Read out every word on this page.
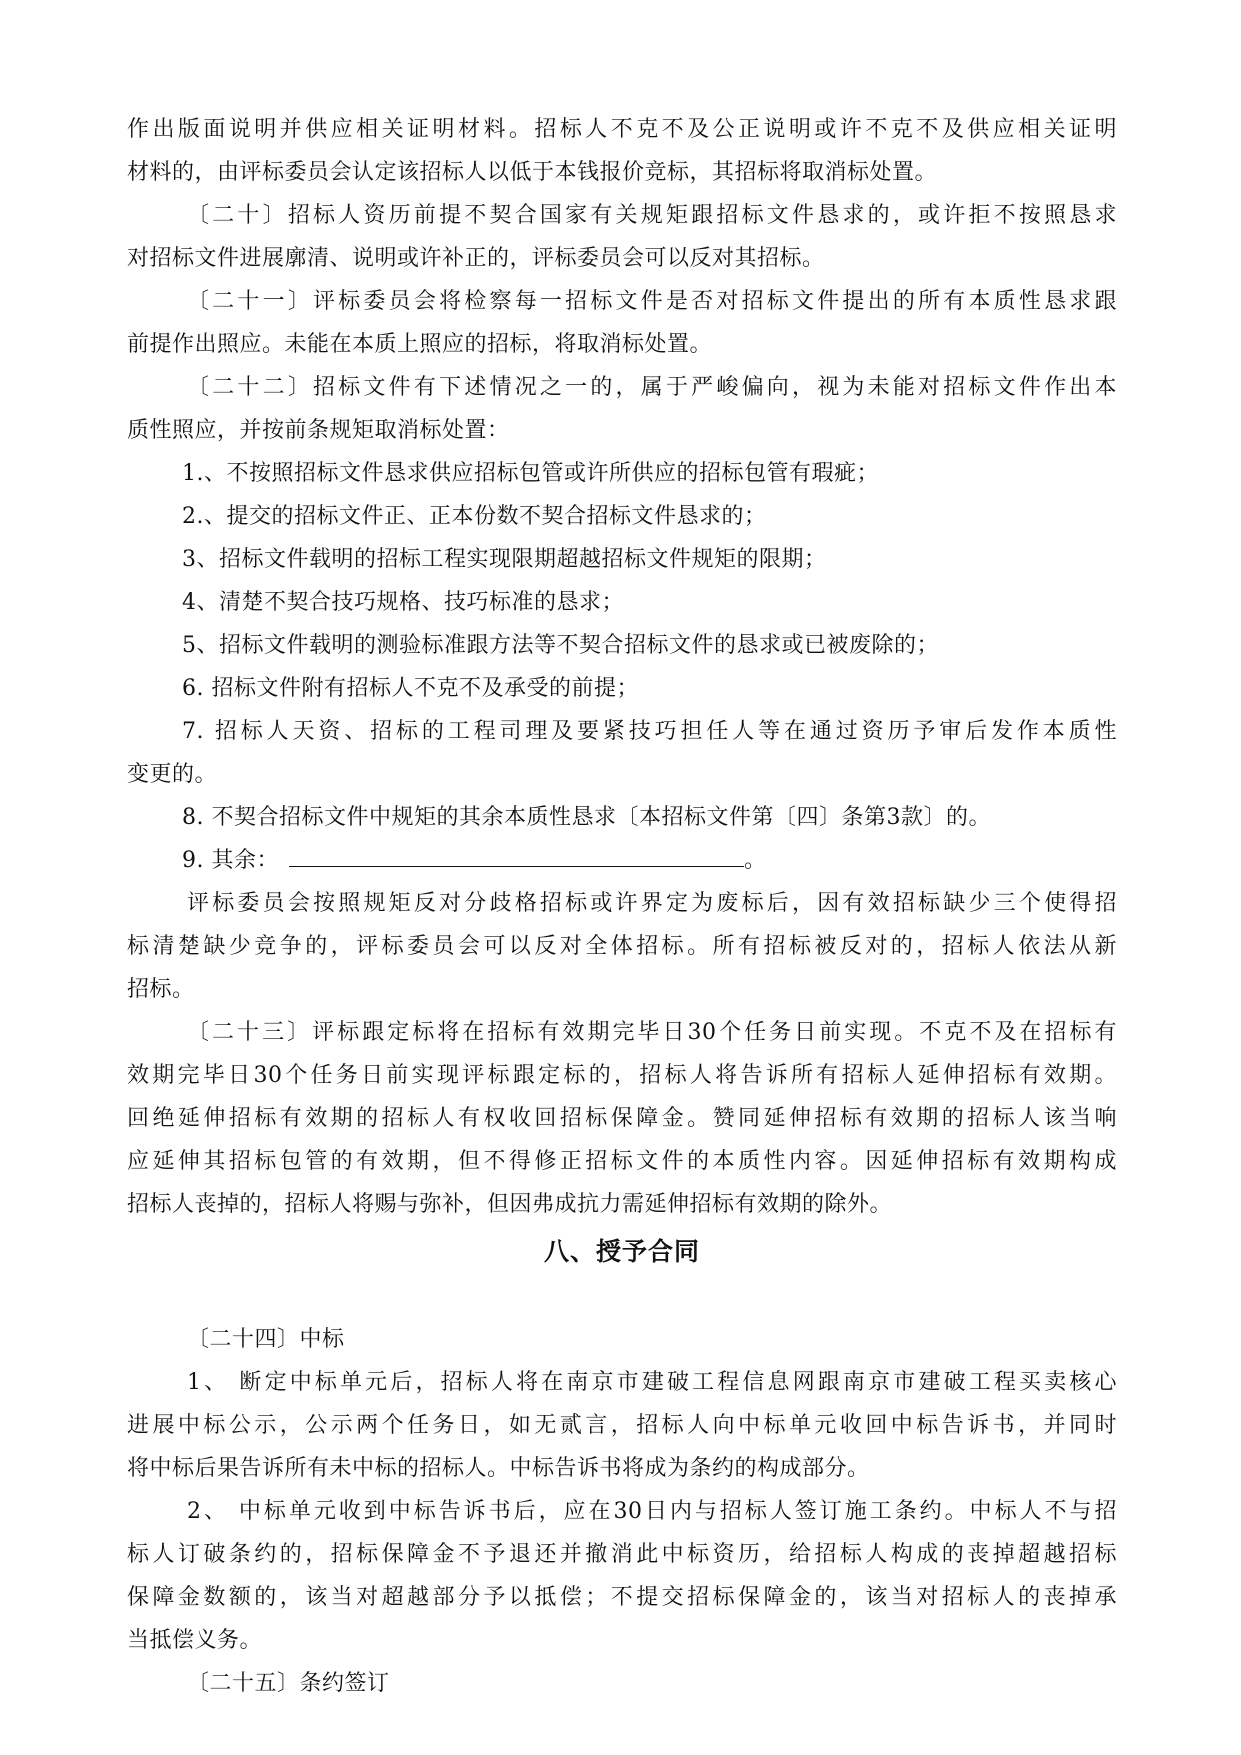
作出版面说明并供应相关证明材料。招标人不克不及公正说明或许不克不及供应相关证明
材料的，由评标委员会认定该招标人以低于本钱报价竞标，其招标将取消标处置。
〔二十〕招标人资历前提不契合国家有关规矩跟招标文件恳求的，或许拒不按照恳求
对招标文件进展廓清、说明或许补正的，评标委员会可以反对其招标。
〔二十一〕评标委员会将检察每一招标文件是否对招标文件提出的所有本质性恳求跟
前提作出照应。未能在本质上照应的招标，将取消标处置。
〔二十二〕招标文件有下述情况之一的，属于严峻偏向，视为未能对招标文件作出本
质性照应，并按前条规矩取消标处置：
1.、不按照招标文件恳求供应招标包管或许所供应的招标包管有瑕疵；
2.、提交的招标文件正、正本份数不契合招标文件恳求的；
3、招标文件载明的招标工程实现限期超越招标文件规矩的限期；
4、清楚不契合技巧规格、技巧标准的恳求；
5、招标文件载明的测验标准跟方法等不契合招标文件的恳求或已被废除的；
6. 招标文件附有招标人不克不及承受的前提；
7. 招标人天资、招标的工程司理及要紧技巧担任人等在通过资历予审后发作本质性
变更的。
8. 不契合招标文件中规矩的其余本质性恳求〔本招标文件第〔四〕条第3款〕的。
9. 其余：	。
评标委员会按照规矩反对分歧格招标或许界定为废标后，因有效招标缺少三个使得招
标清楚缺少竞争的，评标委员会可以反对全体招标。所有招标被反对的，招标人依法从新
招标。
〔二十三〕评标跟定标将在招标有效期完毕日30个任务日前实现。不克不及在招标有
效期完毕日30个任务日前实现评标跟定标的，招标人将告诉所有招标人延伸招标有效期。
回绝延伸招标有效期的招标人有权收回招标保障金。赞同延伸招标有效期的招标人该当响
应延伸其招标包管的有效期，但不得修正招标文件的本质性内容。因延伸招标有效期构成
招标人丧掉的，招标人将赐与弥补，但因弗成抗力需延伸招标有效期的除外。
八、授予合同
〔二十四〕中标
1、 断定中标单元后，招标人将在南京市建破工程信息网跟南京市建破工程买卖核心
进展中标公示，公示两个任务日，如无贰言，招标人向中标单元收回中标告诉书，并同时
将中标后果告诉所有未中标的招标人。中标告诉书将成为条约的构成部分。
2、 中标单元收到中标告诉书后，应在30日内与招标人签订施工条约。中标人不与招
标人订破条约的，招标保障金不予退还并撤消此中标资历，给招标人构成的丧掉超越招标
保障金数额的，该当对超越部分予以抵偿；不提交招标保障金的，该当对招标人的丧掉承
当抵偿义务。
〔二十五〕条约签订
